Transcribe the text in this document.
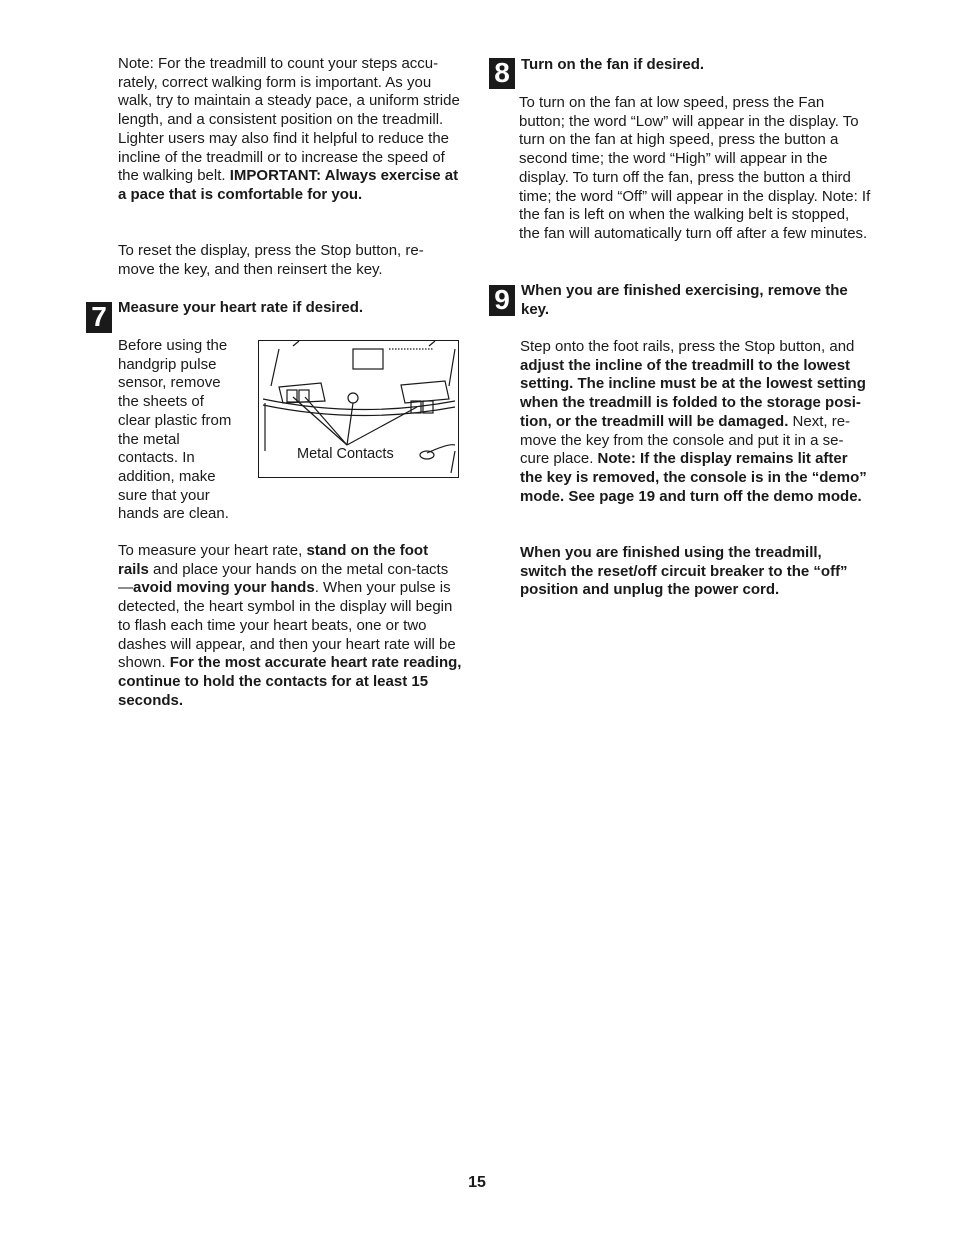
Note: For the treadmill to count your steps accu-rately, correct walking form is important. As you walk, try to maintain a steady pace, a uniform stride length, and a consistent position on the treadmill. Lighter users may also find it helpful to reduce the incline of the treadmill or to increase the speed of the walking belt. IMPORTANT: Always exercise at a pace that is comfortable for you.

To reset the display, press the Stop button, re-move the key, and then reinsert the key.

7 Measure your heart rate if desired.

Before using the handgrip pulse sensor, remove the sheets of clear plastic from the metal contacts. In addition, make sure that your hands are clean.

Metal Contacts

To measure your heart rate, stand on the foot rails and place your hands on the metal con-tacts—avoid moving your hands. When your pulse is detected, the heart symbol in the display will begin to flash each time your heart beats, one or two dashes will appear, and then your heart rate will be shown. For the most accurate heart rate reading, continue to hold the contacts for at least 15 seconds.

8 Turn on the fan if desired.

To turn on the fan at low speed, press the Fan button; the word “Low” will appear in the display. To turn on the fan at high speed, press the button a second time; the word “High” will appear in the display. To turn off the fan, press the button a third time; the word “Off” will appear in the display. Note: If the fan is left on when the walking belt is stopped, the fan will automatically turn off after a few minutes.

9 When you are finished exercising, remove the key.

Step onto the foot rails, press the Stop button, and adjust the incline of the treadmill to the lowest setting. The incline must be at the lowest setting when the treadmill is folded to the storage posi-tion, or the treadmill will be damaged. Next, re-move the key from the console and put it in a se-cure place. Note: If the display remains lit after the key is removed, the console is in the “demo” mode. See page 19 and turn off the demo mode.

When you are finished using the treadmill, switch the reset/off circuit breaker to the “off” position and unplug the power cord.

15
